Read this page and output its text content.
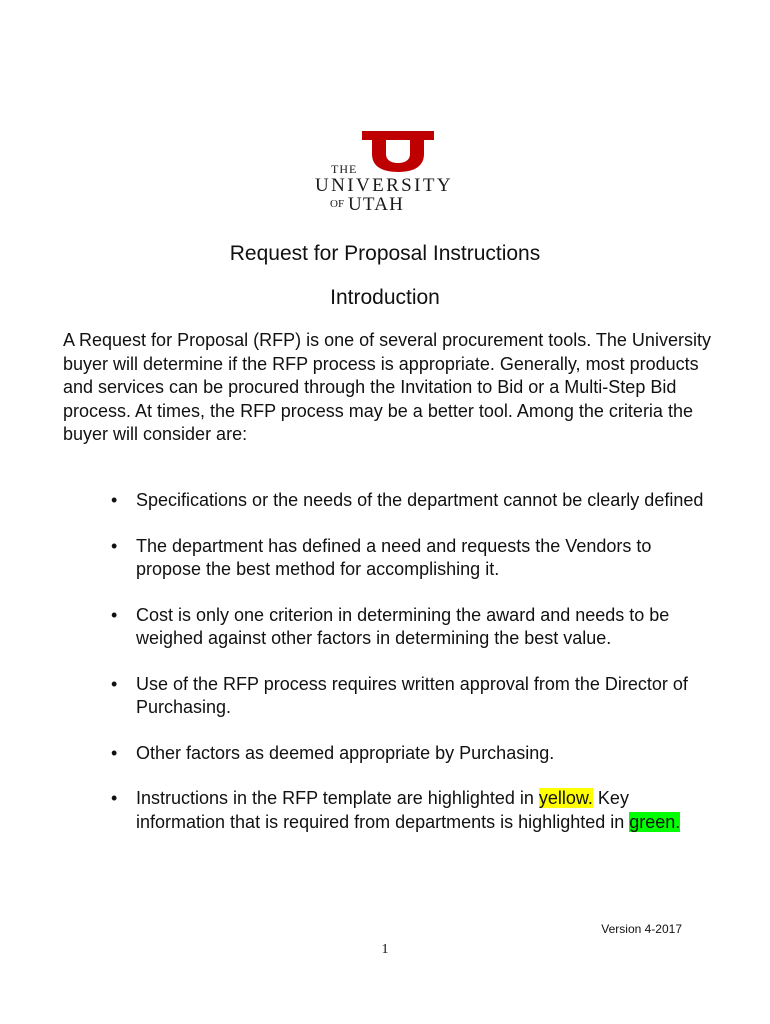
THE
UNIVERSITY
OF UTAH
Request for Proposal Instructions
Introduction

A Request for Proposal (RFP) is one of several procurement tools. The University buyer will determine if the RFP process is appropriate. Generally, most products and services can be procured through the Invitation to Bid or a Multi-Step Bid process. At times, the RFP process may be a better tool. Among the criteria the buyer will consider are:

• Specifications or the needs of the department cannot be clearly defined
• The department has defined a need and requests the Vendors to propose the best method for accomplishing it.
• Cost is only one criterion in determining the award and needs to be weighed against other factors in determining the best value.
• Use of the RFP process requires written approval from the Director of Purchasing.
• Other factors as deemed appropriate by Purchasing.
• Instructions in the RFP template are highlighted in yellow. Key information that is required from departments is highlighted in green.
Version 4-2017
1
